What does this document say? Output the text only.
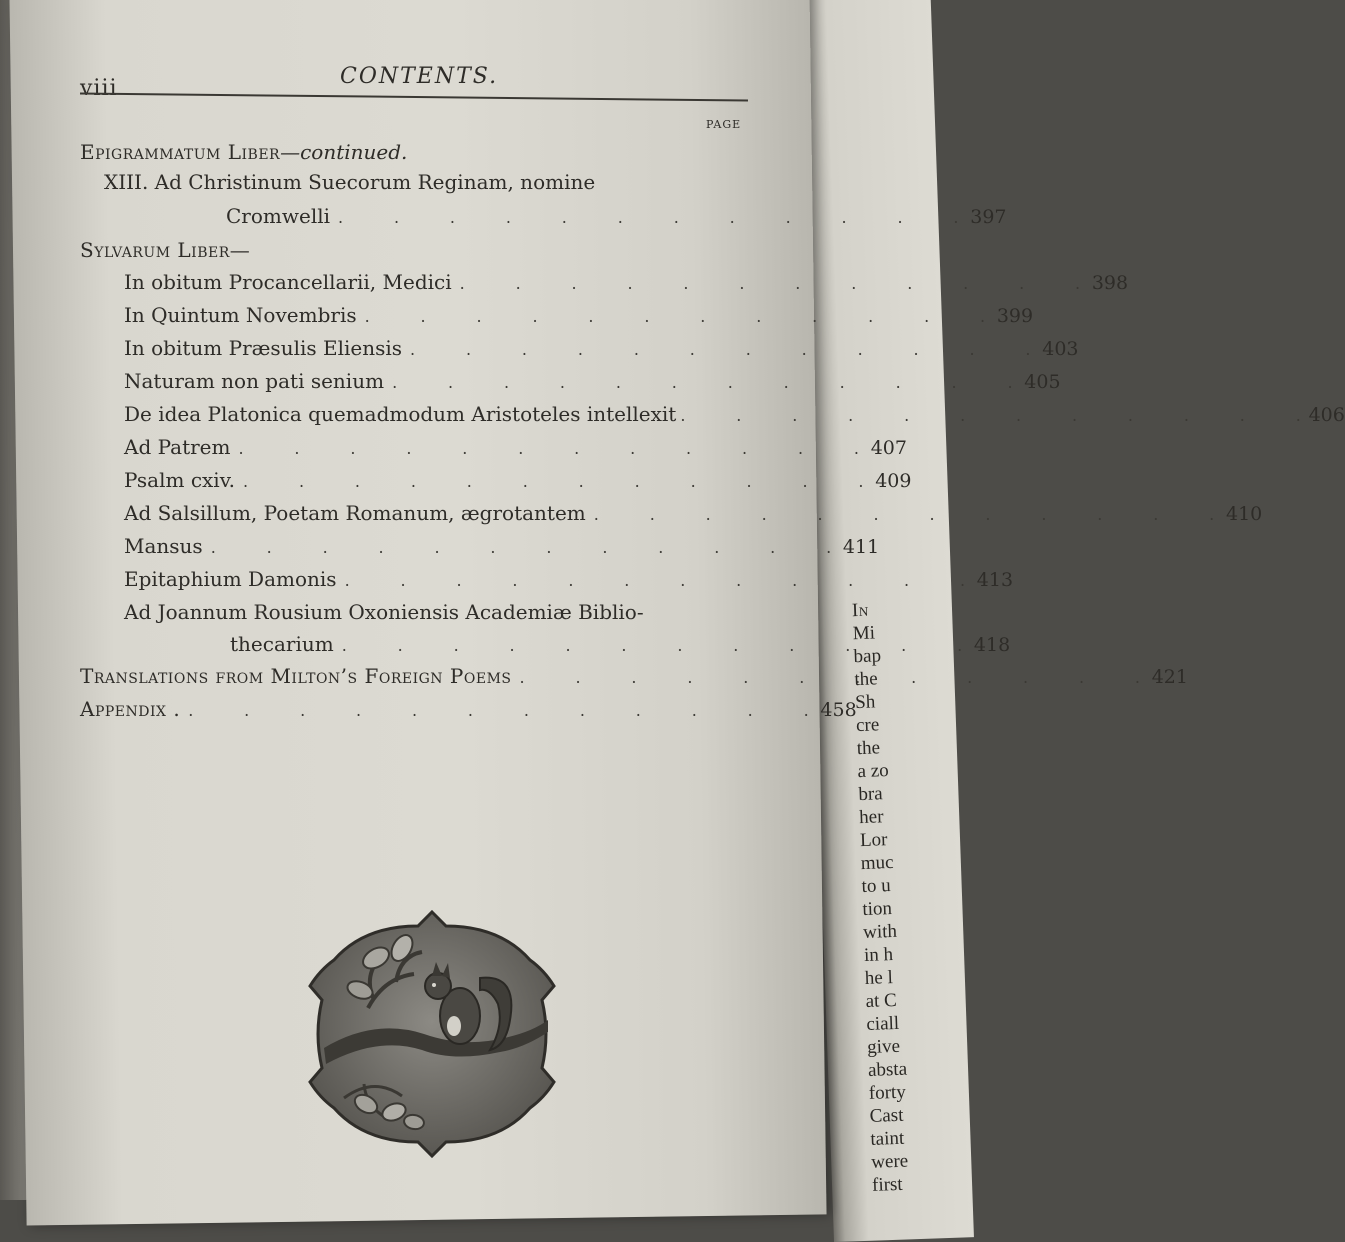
In
Mi
bap
the
Sh
cre
the
a zo
bra
her
Lor
muc
to u
tion
with
in h
he l
at C
ciall
give
absta
forty
Cast
taint
were
first
viii	CONTENTS.
PAGE
Epigrammatum Liber —continued.
XIII. Ad Christinum Suecorum Reginam, nomine
Cromwelli .	397
Sylvarum Liber—
In obitum Procancellarii, Medici .	398
In Quintum Novembris .	399
In obitum Præsulis Eliensis .	403
Naturam non pati senium .	405
De idea Platonica quemadmodum Aristoteles intellexit .	406
Ad Patrem .	407
Psalm cxiv. .	409
Ad Salsillum, Poetam Romanum, ægrotantem .	410
Mansus .	411
Epitaphium Damonis .	413
Ad Joannum Rousium Oxoniensis Academiæ Biblio-
thecarium .	418
Translations from Milton’s Foreign Poems .	421
Appendix . .	458
